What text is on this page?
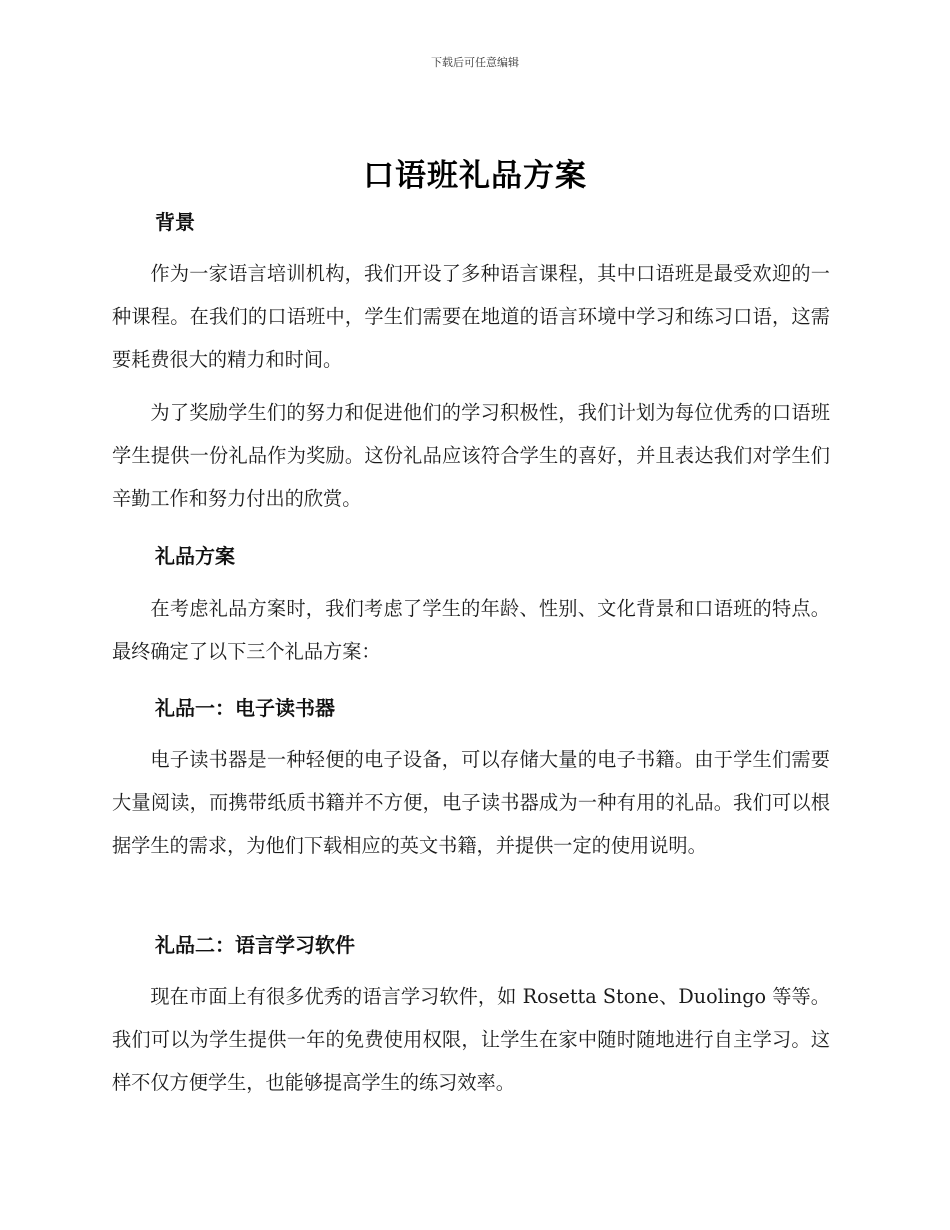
下载后可任意编辑
口语班礼品方案
背景
作为一家语言培训机构，我们开设了多种语言课程，其中口语班是最受欢迎的一种课程。在我们的口语班中，学生们需要在地道的语言环境中学习和练习口语，这需要耗费很大的精力和时间。
为了奖励学生们的努力和促进他们的学习积极性，我们计划为每位优秀的口语班学生提供一份礼品作为奖励。这份礼品应该符合学生的喜好，并且表达我们对学生们辛勤工作和努力付出的欣赏。
礼品方案
在考虑礼品方案时，我们考虑了学生的年龄、性别、文化背景和口语班的特点。最终确定了以下三个礼品方案：
礼品一：电子读书器
电子读书器是一种轻便的电子设备，可以存储大量的电子书籍。由于学生们需要大量阅读，而携带纸质书籍并不方便，电子读书器成为一种有用的礼品。我们可以根据学生的需求，为他们下载相应的英文书籍，并提供一定的使用说明。
礼品二：语言学习软件
现在市面上有很多优秀的语言学习软件，如 Rosetta Stone、Duolingo 等等。我们可以为学生提供一年的免费使用权限，让学生在家中随时随地进行自主学习。这样不仅方便学生，也能够提高学生的练习效率。
